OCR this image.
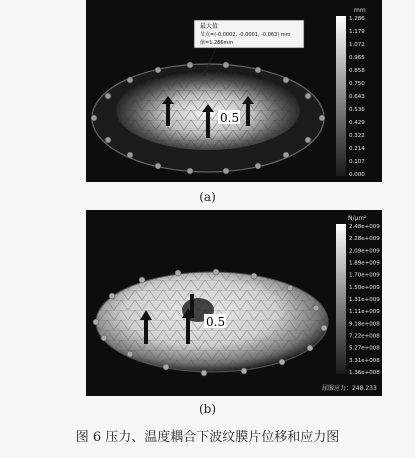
最大值
节点=(-0.0002, -0.0001, -0.063) mm
值=1.286mm
0.5
mm
1.286
1.179
1.072
0.965
0.858
0.750
0.643
0.536
0.429
0.322
0.214
0.107
0.000
(a)
0.5
N/μm²
2.48e+009
2.28e+009
2.09e+009
1.89e+009
1.70e+009
1.50e+009
1.31e+009
1.11e+009
9.18e+008
7.22e+008
5.27e+008
3.31e+008
1.36e+008
屈服应力：248.233
(b)
图 6 压力、温度耦合下波纹膜片位移和应力图
